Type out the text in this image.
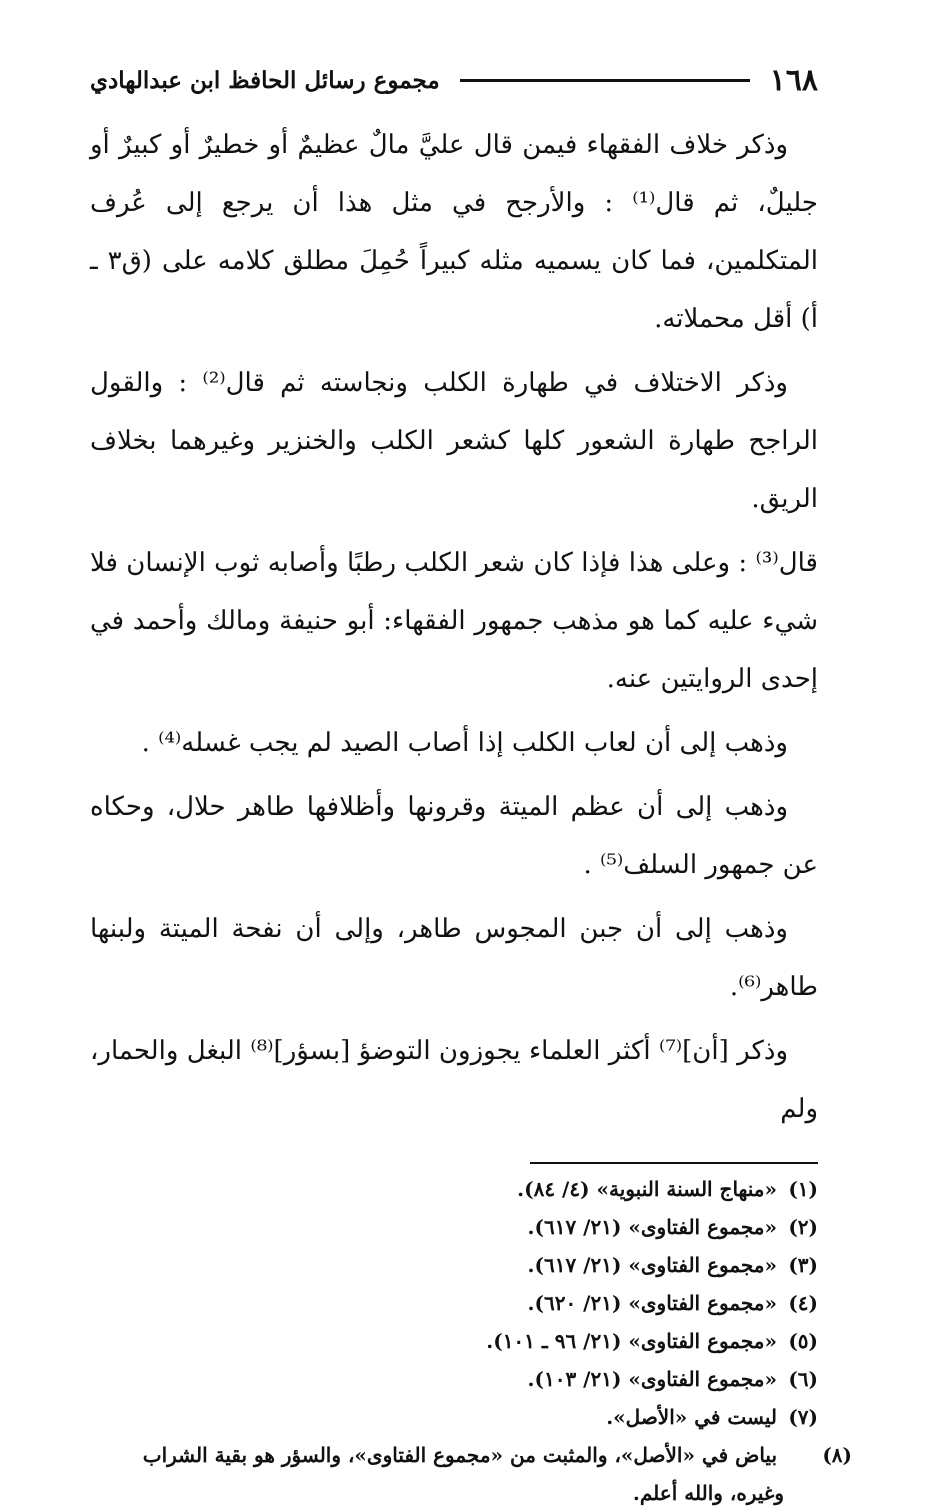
١٦٨
مجموع رسائل الحافظ ابن عبدالهادي

وذكر خلاف الفقهاء فيمن قال عليَّ مالٌ عظيمٌ أو خطيرٌ أو كبيرٌ أو جليلٌ، ثم قال⁽¹⁾ : والأرجح في مثل هذا أن يرجع إلى عُرف المتكلمين، فما كان يسميه مثله كبيراً حُمِلَ مطلق كلامه على (ق٣ ـ أ) أقل محملاته.

وذكر الاختلاف في طهارة الكلب ونجاسته ثم قال⁽²⁾ : والقول الراجح طهارة الشعور كلها كشعر الكلب والخنزير وغيرهما بخلاف الريق.

قال⁽³⁾ : وعلى هذا فإذا كان شعر الكلب رطبًا وأصابه ثوب الإنسان فلا شيء عليه كما هو مذهب جمهور الفقهاء: أبو حنيفة ومالك وأحمد في إحدى الروايتين عنه.

وذهب إلى أن لعاب الكلب إذا أصاب الصيد لم يجب غسله⁽⁴⁾ .

وذهب إلى أن عظم الميتة وقرونها وأظلافها طاهر حلال، وحكاه عن جمهور السلف⁽⁵⁾ .

وذهب إلى أن جبن المجوس طاهر، وإلى أن نفحة الميتة ولبنها طاهر⁽⁶⁾.

وذكر [أن]⁽⁷⁾ أكثر العلماء يجوزون التوضؤ [بسؤر]⁽⁸⁾ البغل والحمار، ولم

(١) «منهاج السنة النبوية» (٤/ ٨٤).

(٢) «مجموع الفتاوى» (٢١/ ٦١٧).

(٣) «مجموع الفتاوى» (٢١/ ٦١٧).

(٤) «مجموع الفتاوى» (٢١/ ٦٢٠).

(٥) «مجموع الفتاوى» (٢١/ ٩٦ ـ ١٠١).

(٦) «مجموع الفتاوى» (٢١/ ١٠٣).

(٧) ليست في «الأصل».

(٨) بياض في «الأصل»، والمثبت من «مجموع الفتاوى»، والسؤر هو بقية الشراب وغيره، والله أعلم.
